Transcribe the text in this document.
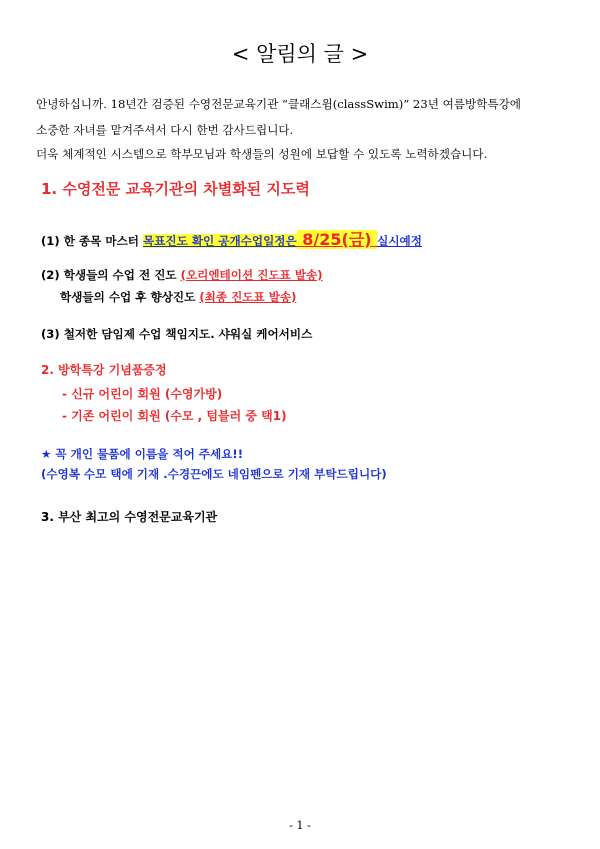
< 알림의 글 >
안녕하십니까. 18년간 검증된 수영전문교육기관 “클래스윔(classSwim)” 23년 여름방학특강에
소중한 자녀를 맡겨주셔서 다시 한번 감사드립니다.
더욱 체계적인 시스템으로 학부모님과 학생들의 성원에 보답할 수 있도록 노력하겠습니다.
1. 수영전문 교육기관의 차별화된 지도력
(1) 한 종목 마스터 목표진도 확인 공개수업일정은 8/25(금) 실시예정
(2) 학생들의 수업 전 진도 (오리엔테이션 진도표 발송)
학생들의 수업 후 향상진도 (최종 진도표 발송)
(3) 철저한 담임제 수업 책임지도. 샤워실 케어서비스
2. 방학특강 기념품증정
- 신규 어린이 회원 (수영가방)
- 기존 어린이 회원 (수모 , 텀블러 중 택1)
★ 꼭 개인 물품에 이름을 적어 주세요!!
(수영복 수모 택에 기재 .수경끈에도 네임펜으로 기재 부탁드립니다)
3. 부산 최고의 수영전문교육기관
- 1 -
